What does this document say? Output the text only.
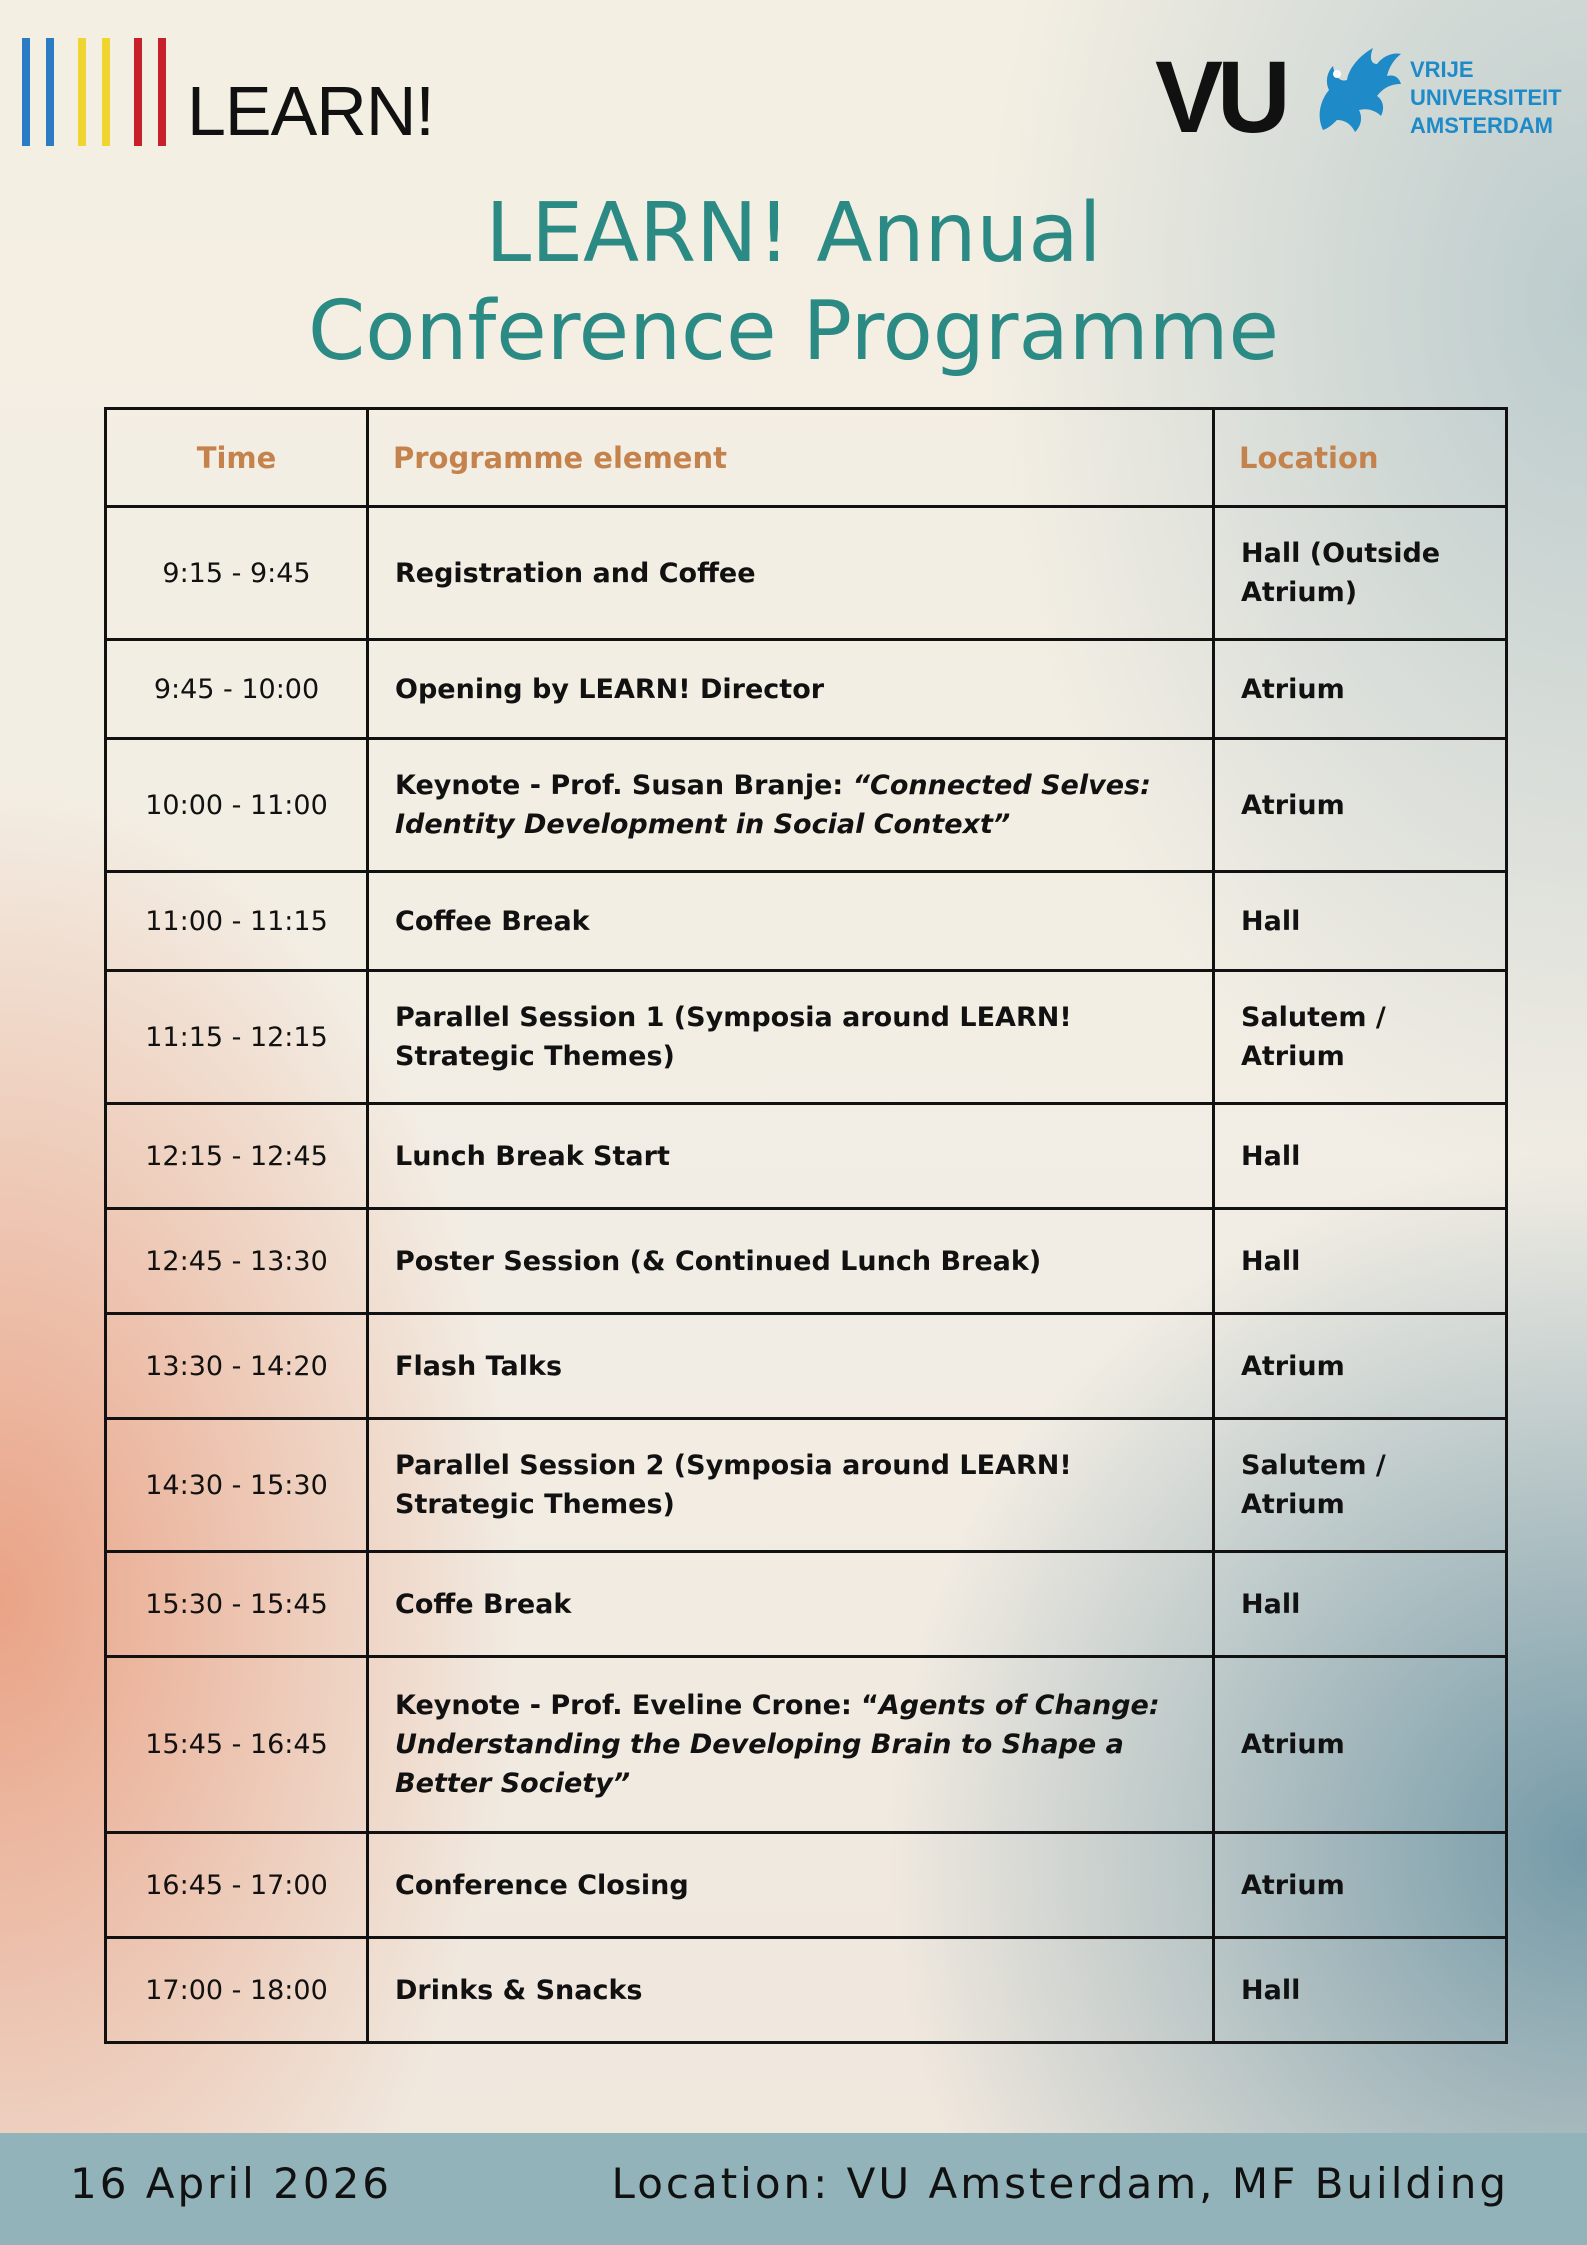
LEARN!	VU	VRIJE
UNIVERSITEIT
AMSTERDAM
LEARN! Annual
Conference Programme
Time	Programme element	Location
9:15 - 9:45	Registration and Coffee	Hall (Outside Atrium)
9:45 - 10:00	Opening by LEARN! Director	Atrium
10:00 - 11:00	Keynote - Prof. Susan Branje: “Connected Selves: Identity Development in Social Context”	Atrium
11:00 - 11:15	Coffee Break	Hall
11:15 - 12:15	Parallel Session 1 (Symposia around LEARN! Strategic Themes)	Salutem / Atrium
12:15 - 12:45	Lunch Break Start	Hall
12:45 - 13:30	Poster Session (& Continued Lunch Break)	Hall
13:30 - 14:20	Flash Talks	Atrium
14:30 - 15:30	Parallel Session 2 (Symposia around LEARN! Strategic Themes)	Salutem / Atrium
15:30 - 15:45	Coffe Break	Hall
15:45 - 16:45	Keynote - Prof. Eveline Crone: “Agents of Change: Understanding the Developing Brain to Shape a Better Society”	Atrium
16:45 - 17:00	Conference Closing	Atrium
17:00 - 18:00	Drinks & Snacks	Hall
16 April 2026	Location: VU Amsterdam, MF Building
